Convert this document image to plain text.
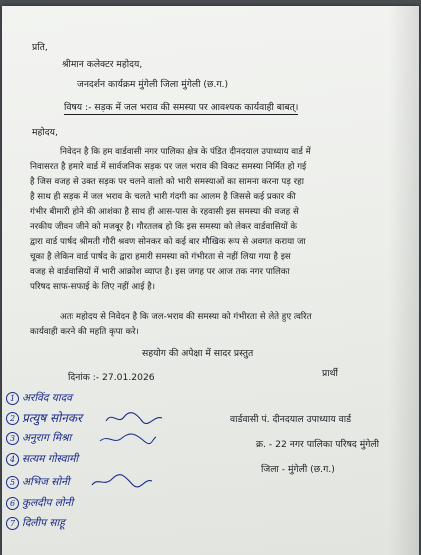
प्रति,
श्रीमान कलेक्टर महोदय,
जनदर्शन कार्यक्रम मुंगेली जिला मुंगेली (छ.ग.)
विषय :- सड़क में जल भराव की समस्या पर आवश्यक कार्यवाही बाबत्।
महोदय,
निवेदन है कि हम वार्डवासी नगर पालिका क्षेत्र के पंडित दीनदयाल उपाध्याय वार्ड में
निवासरत है हमारे वार्ड में सार्वजनिक सड़क पर जल भराव की विकट समस्या निर्मित हो गई
है जिस वजह से उक्त सड़क पर चलने वालो को भारी समस्याओं का सामना करना पड़ रहा
है साथ ही सड़क में जल भराव के चलते भारी गंदगी का आलम है जिससे कई प्रकार की
गंभीर बीमारी होने की आशंका है साथ ही आस-पास के रहवासी इस समस्या की वजह से
नरकीय जीवन जीने को मजबूर है। गौरतलब हो कि इस समस्या को लेकर वार्डवासियों के
द्वारा वार्ड पार्षद श्रीमती गौरी श्रवण सोनकर को कई बार मौखिक रूप से अवगत कराया जा
चूका है लेकिन वार्ड पार्षद के द्वारा हमारी समस्या को गंभीरता से नहीं लिया गया है इस
वजह से वार्डवासियों में भारी आक्रोश व्याप्त है। इस जगह पर आज तक नगर पालिका
परिषद साफ-सफाई के लिए नहीं आई है।
अतः महोदय से निवेदन है कि जल-भराव की समस्या को गंभीरता से लेते हुए त्वरित
कार्यवाही करने की महति कृपा करे।
सहयोग की अपेक्षा में सादर प्रस्तुत
दिनांक :- 27.01.2026	प्रार्थी
वार्डवासी पं. दीनदयाल उपाध्याय वार्ड
क्र. - 22 नगर पालिका परिषद मुंगेली
जिला - मुंगेली (छ.ग.)
1 अरविंद यादव
2 प्रत्युष सोनकर
3 अनुराग मिश्रा
4 सत्यम गोस्वामी
5 अभिज सोनी
6 कुलदीप लोनी
7 दिलीप साहू
